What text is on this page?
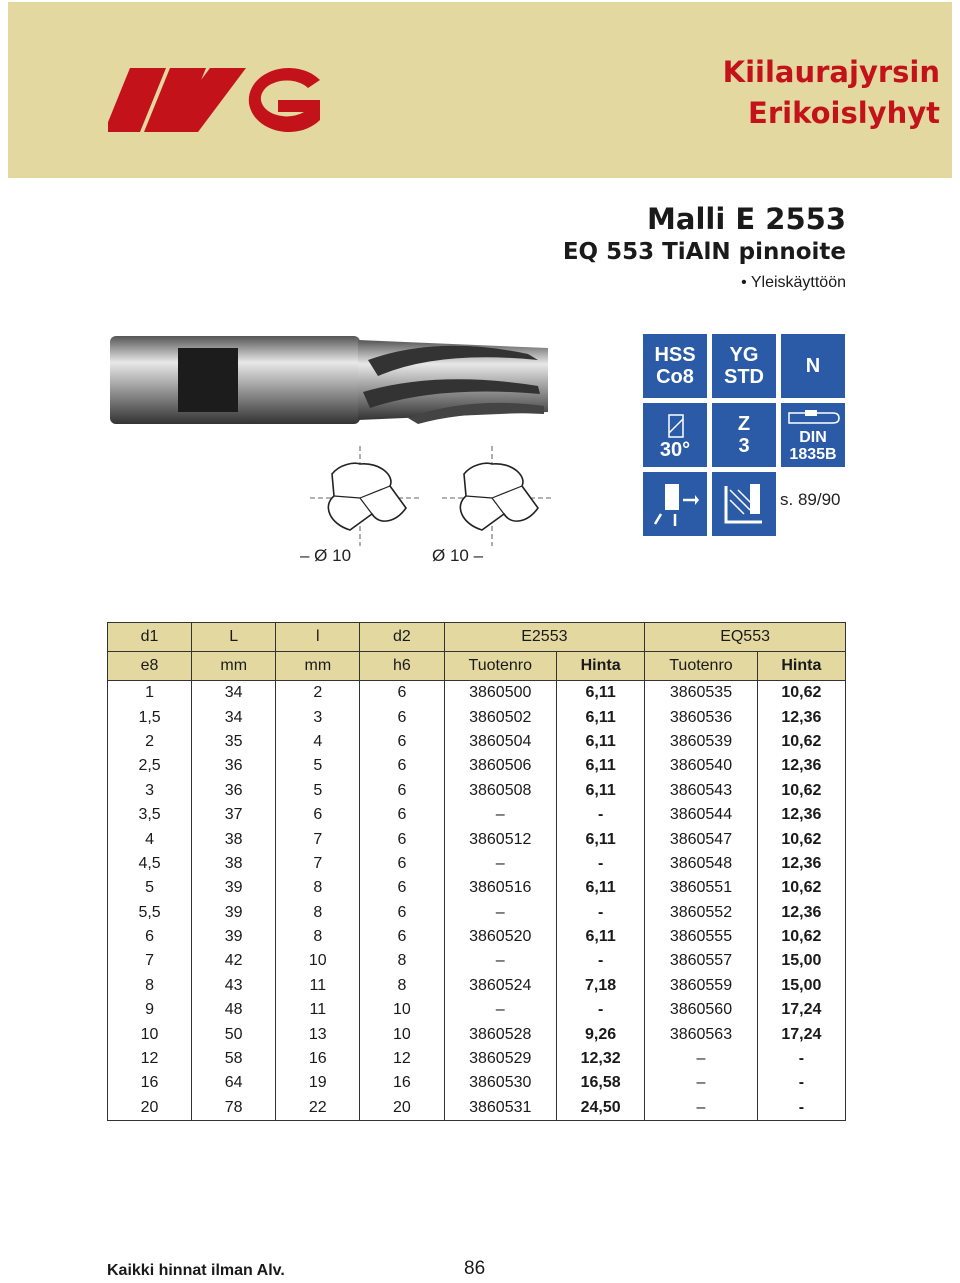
Kiilaurajyrsin
Erikoislyhyt
Malli E 2553
EQ 553 TiAlN pinnoite
• Yleiskäyttöön
– Ø 10	Ø 10 –
HSS
Co8
YG
STD N
30°
Z
3	DIN
1835B
s. 89/90
d1	L	l	d2	E2553		EQ553	
e8	mm	mm	h6	Tuotenro	Hinta	Tuotenro	Hinta
1	34	2	6	3860500	6,11	3860535	10,62
1,5	34	3	6	3860502	6,11	3860536	12,36
2	35	4	6	3860504	6,11	3860539	10,62
2,5	36	5	6	3860506	6,11	3860540	12,36
3	36	5	6	3860508	6,11	3860543	10,62
3,5	37	6	6	–	-	3860544	12,36
4	38	7	6	3860512	6,11	3860547	10,62
4,5	38	7	6	–	-	3860548	12,36
5	39	8	6	3860516	6,11	3860551	10,62
5,5	39	8	6	–	-	3860552	12,36
6	39	8	6	3860520	6,11	3860555	10,62
7	42	10	8	–	-	3860557	15,00
8	43	11	8	3860524	7,18	3860559	15,00
9	48	11	10	–	-	3860560	17,24
10	50	13	10	3860528	9,26	3860563	17,24
12	58	16	12	3860529	12,32	–	-
16	64	19	16	3860530	16,58	–	-
20	78	22	20	3860531	24,50	–	-
Kaikki hinnat ilman Alv.	86
